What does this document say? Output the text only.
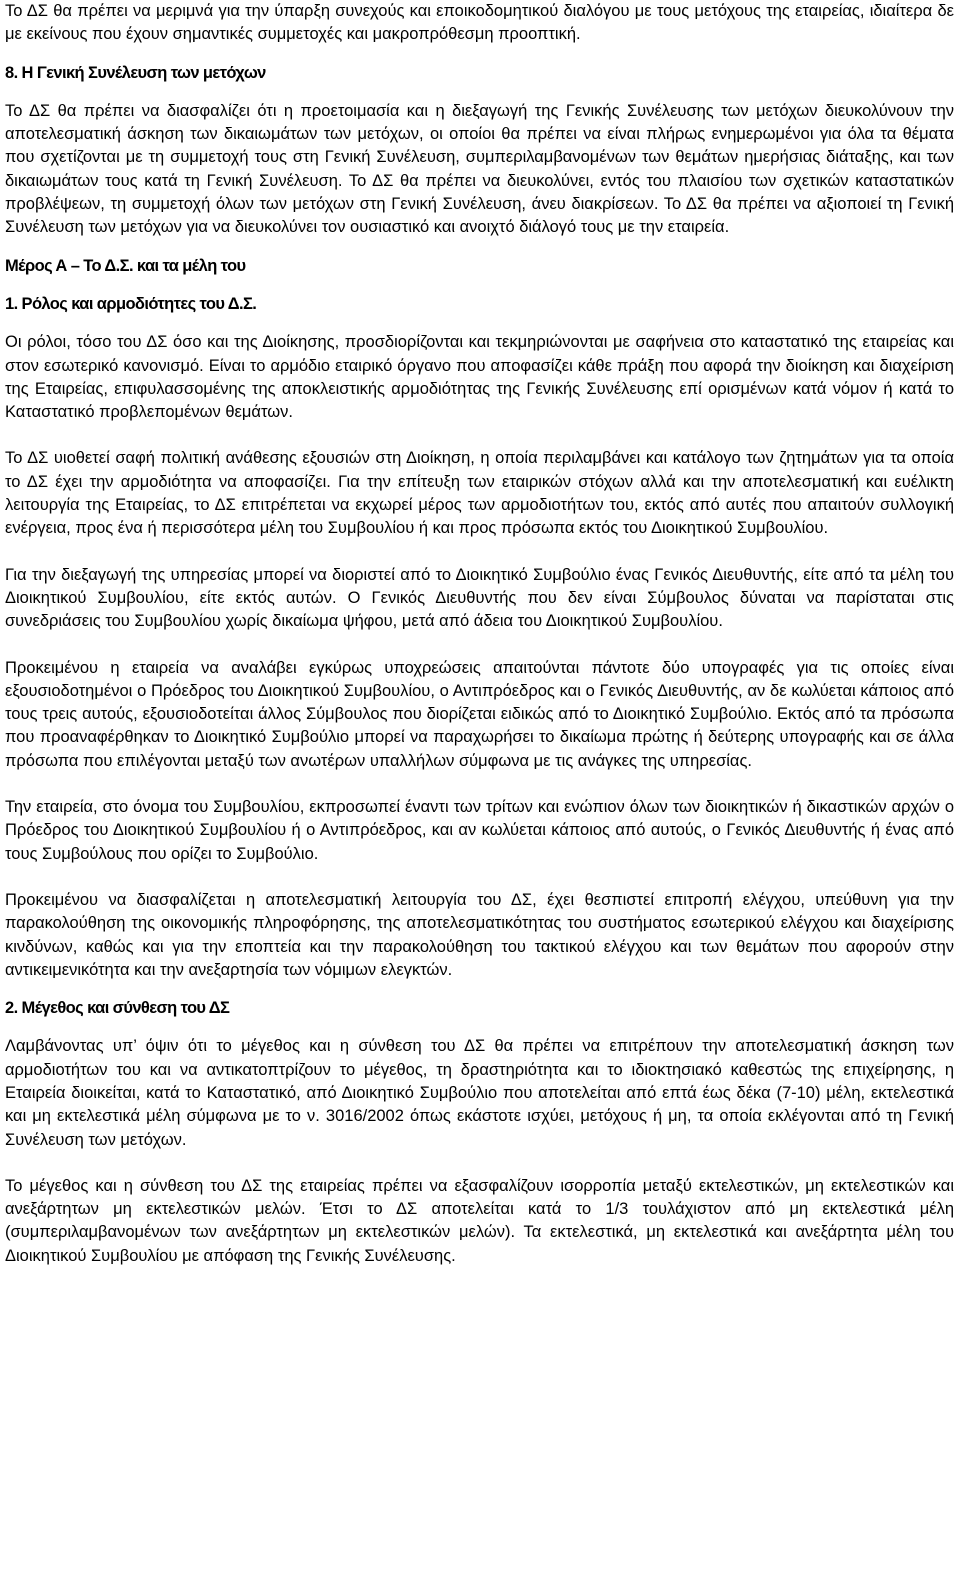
Το ΔΣ θα πρέπει να μεριμνά για την ύπαρξη συνεχούς και εποικοδομητικού διαλόγου με τους μετόχους της εταιρείας, ιδιαίτερα δε με εκείνους που έχουν σημαντικές συμμετοχές και μακροπρόθεσμη προοπτική.

8. Η Γενική Συνέλευση των μετόχων

Το ΔΣ θα πρέπει να διασφαλίζει ότι η προετοιμασία και η διεξαγωγή της Γενικής Συνέλευσης των μετόχων διευκολύνουν την αποτελεσματική άσκηση των δικαιωμάτων των μετόχων, οι οποίοι θα πρέπει να είναι πλήρως ενημερωμένοι για όλα τα θέματα που σχετίζονται με τη συμμετοχή τους στη Γενική Συνέλευση, συμπεριλαμβανομένων των θεμάτων ημερήσιας διάταξης, και των δικαιωμάτων τους κατά τη Γενική Συνέλευση. Το ΔΣ θα πρέπει να διευκολύνει, εντός του πλαισίου των σχετικών καταστατικών προβλέψεων, τη συμμετοχή όλων των μετόχων στη Γενική Συνέλευση, άνευ διακρίσεων. Το ΔΣ θα πρέπει να αξιοποιεί τη Γενική Συνέλευση των μετόχων για να διευκολύνει τον ουσιαστικό και ανοιχτό διάλογό τους με την εταιρεία.

Μέρος Α – Το Δ.Σ. και τα μέλη του

1. Ρόλος και αρμοδιότητες του Δ.Σ.

Οι ρόλοι, τόσο του ΔΣ όσο και της Διοίκησης, προσδιορίζονται και τεκμηριώνονται με σαφήνεια στο καταστατικό της εταιρείας και στον εσωτερικό κανονισμό. Είναι το αρμόδιο εταιρικό όργανο που αποφασίζει κάθε πράξη που αφορά την διοίκηση και διαχείριση της Εταιρείας, επιφυλασσομένης της αποκλειστικής αρμοδιότητας της Γενικής Συνέλευσης επί ορισμένων κατά νόμον ή κατά το Καταστατικό προβλεπομένων θεμάτων.

Το ΔΣ υιοθετεί σαφή πολιτική ανάθεσης εξουσιών στη Διοίκηση, η οποία περιλαμβάνει και κατάλογο των ζητημάτων για τα οποία το ΔΣ έχει την αρμοδιότητα να αποφασίζει. Για την επίτευξη των εταιρικών στόχων αλλά και την αποτελεσματική και ευέλικτη λειτουργία της Εταιρείας, το ΔΣ επιτρέπεται να εκχωρεί μέρος των αρμοδιοτήτων του, εκτός από αυτές που απαιτούν συλλογική ενέργεια, προς ένα ή περισσότερα μέλη του Συμβουλίου ή και προς πρόσωπα εκτός του Διοικητικού Συμβουλίου.

Για την διεξαγωγή της υπηρεσίας μπορεί να διοριστεί από το Διοικητικό Συμβούλιο ένας Γενικός Διευθυντής, είτε από τα μέλη του Διοικητικού Συμβουλίου, είτε εκτός αυτών. Ο Γενικός Διευθυντής που δεν είναι Σύμβουλος δύναται να παρίσταται στις συνεδριάσεις του Συμβουλίου χωρίς δικαίωμα ψήφου, μετά από άδεια του Διοικητικού Συμβουλίου.

Προκειμένου η εταιρεία να αναλάβει εγκύρως υποχρεώσεις απαιτούνται πάντοτε δύο υπογραφές για τις οποίες είναι εξουσιοδοτημένοι ο Πρόεδρος του Διοικητικού Συμβουλίου, ο Αντιπρόεδρος και ο Γενικός Διευθυντής, αν δε κωλύεται κάποιος από τους τρεις αυτούς, εξουσιοδοτείται άλλος Σύμβουλος που διορίζεται ειδικώς από το Διοικητικό Συμβούλιο. Εκτός από τα πρόσωπα που προαναφέρθηκαν το Διοικητικό Συμβούλιο μπορεί να παραχωρήσει το δικαίωμα πρώτης ή δεύτερης υπογραφής και σε άλλα πρόσωπα που επιλέγονται μεταξύ των ανωτέρων υπαλλήλων σύμφωνα με τις ανάγκες της υπηρεσίας.

Την εταιρεία, στο όνομα του Συμβουλίου, εκπροσωπεί έναντι των τρίτων και ενώπιον όλων των διοικητικών ή δικαστικών αρχών ο Πρόεδρος του Διοικητικού Συμβουλίου ή ο Αντιπρόεδρος, και αν κωλύεται κάποιος από αυτούς, ο Γενικός Διευθυντής ή ένας από τους Συμβούλους που ορίζει το Συμβούλιο.

Προκειμένου να διασφαλίζεται η αποτελεσματική λειτουργία του ΔΣ, έχει θεσπιστεί επιτροπή ελέγχου, υπεύθυνη για την παρακολούθηση της οικονομικής πληροφόρησης, της αποτελεσματικότητας του συστήματος εσωτερικού ελέγχου και διαχείρισης κινδύνων, καθώς και για την εποπτεία και την παρακολούθηση του τακτικού ελέγχου και των θεμάτων που αφορούν στην αντικειμενικότητα και την ανεξαρτησία των νόμιμων ελεγκτών.

2. Μέγεθος και σύνθεση του ΔΣ

Λαμβάνοντας υπ’ όψιν ότι το μέγεθος και η σύνθεση του ΔΣ θα πρέπει να επιτρέπουν την αποτελεσματική άσκηση των αρμοδιοτήτων του και να αντικατοπτρίζουν το μέγεθος, τη δραστηριότητα και το ιδιοκτησιακό καθεστώς της επιχείρησης, η Εταιρεία διοικείται, κατά το Καταστατικό, από Διοικητικό Συμβούλιο που αποτελείται από επτά έως δέκα (7-10) μέλη, εκτελεστικά και μη εκτελεστικά μέλη σύμφωνα με το ν. 3016/2002 όπως εκάστοτε ισχύει, μετόχους ή μη, τα οποία εκλέγονται από τη Γενική Συνέλευση των μετόχων.

Το μέγεθος και η σύνθεση του ΔΣ της εταιρείας πρέπει να εξασφαλίζουν ισορροπία μεταξύ εκτελεστικών, μη εκτελεστικών και ανεξάρτητων μη εκτελεστικών μελών. Έτσι το ΔΣ αποτελείται κατά το 1/3 τουλάχιστον από μη εκτελεστικά μέλη (συμπεριλαμβανομένων των ανεξάρτητων μη εκτελεστικών μελών). Τα εκτελεστικά, μη εκτελεστικά και ανεξάρτητα μέλη του Διοικητικού Συμβουλίου με απόφαση της Γενικής Συνέλευσης.
